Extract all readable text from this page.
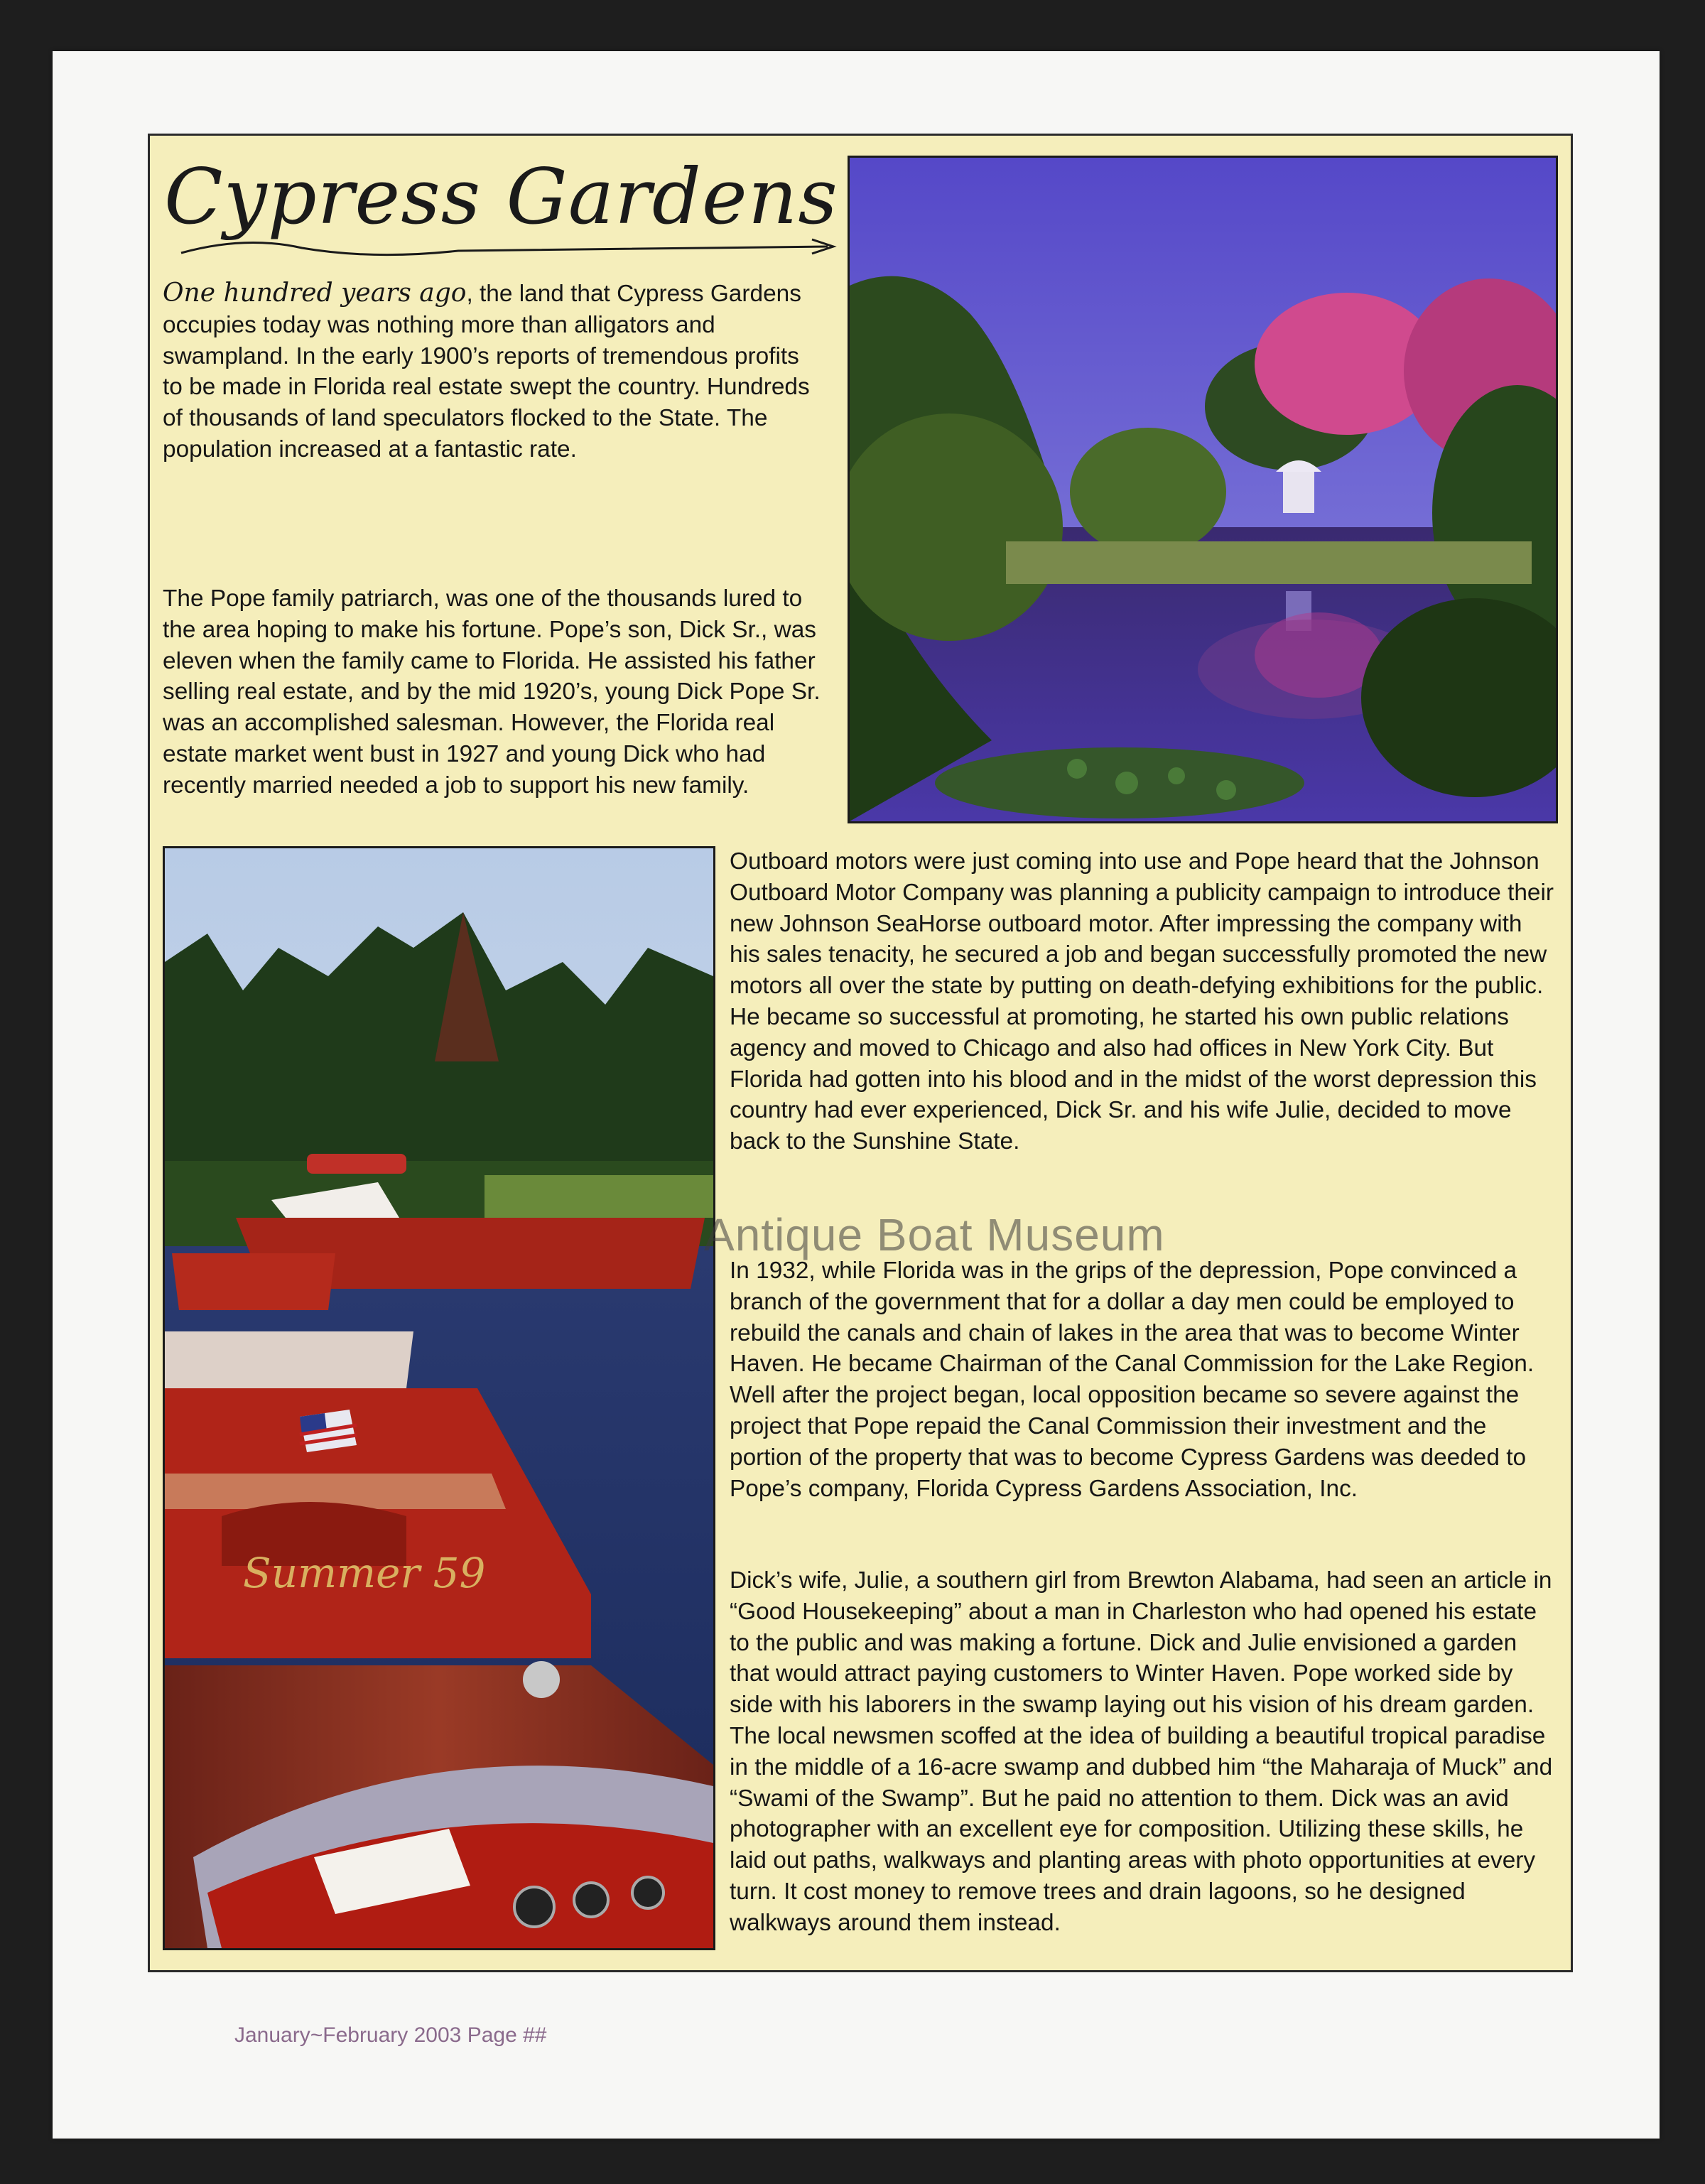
Cypress Gardens

One hundred years ago, the land that Cypress Gardens occupies today was nothing more than alligators and swampland. In the early 1900’s reports of tremendous profits to be made in Florida real estate swept the country. Hundreds of thousands of land speculators flocked to the State. The population increased at a fantastic rate.

The Pope family patriarch, was one of the thousands lured to the area hoping to make his fortune. Pope’s son, Dick Sr., was eleven when the family came to Florida. He assisted his father selling real estate, and by the mid 1920’s, young Dick Pope Sr. was an accomplished salesman. However, the Florida real estate market went bust in 1927 and young Dick who had recently married needed a job to support his new family.

Summer 59

Outboard motors were just coming into use and Pope heard that the Johnson Outboard Motor Company was planning a publicity campaign to introduce their new Johnson SeaHorse outboard motor. After impressing the company with his sales tenacity, he secured a job and began successfully promoted the new motors all over the state by putting on death-defying exhibitions for the public. He became so successful at promoting, he started his own public relations agency and moved to Chicago and also had offices in New York City. But Florida had gotten into his blood and in the midst of the worst depression this country had ever experienced, Dick Sr. and his wife Julie, decided to move back to the Sunshine State.

In 1932, while Florida was in the grips of the depression, Pope convinced a branch of the government that for a dollar a day men could be employed to rebuild the canals and chain of lakes in the area that was to become Winter Haven. He became Chairman of the Canal Commission for the Lake Region. Well after the project began, local opposition became so severe against the project that Pope repaid the Canal Commission their investment and the portion of the property that was to become Cypress Gardens was deeded to Pope’s company, Florida Cypress Gardens Association, Inc.

Dick’s wife, Julie, a southern girl from Brewton Alabama, had seen an article in “Good Housekeeping” about a man in Charleston who had opened his estate to the public and was making a fortune. Dick and Julie envisioned a garden that would attract paying customers to Winter Haven. Pope worked side by side with his laborers in the swamp laying out his vision of his dream garden. The local newsmen scoffed at the idea of building a beautiful tropical paradise in the middle of a 16-acre swamp and dubbed him “the Maharaja of Muck” and “Swami of the Swamp”. But he paid no attention to them. Dick was an avid photographer with an excellent eye for composition. Utilizing these skills, he laid out paths, walkways and planting areas with photo opportunities at every turn. It cost money to remove trees and drain lagoons, so he designed walkways around them instead.

Antique Boat Museum
January~February 2003 Page ##
